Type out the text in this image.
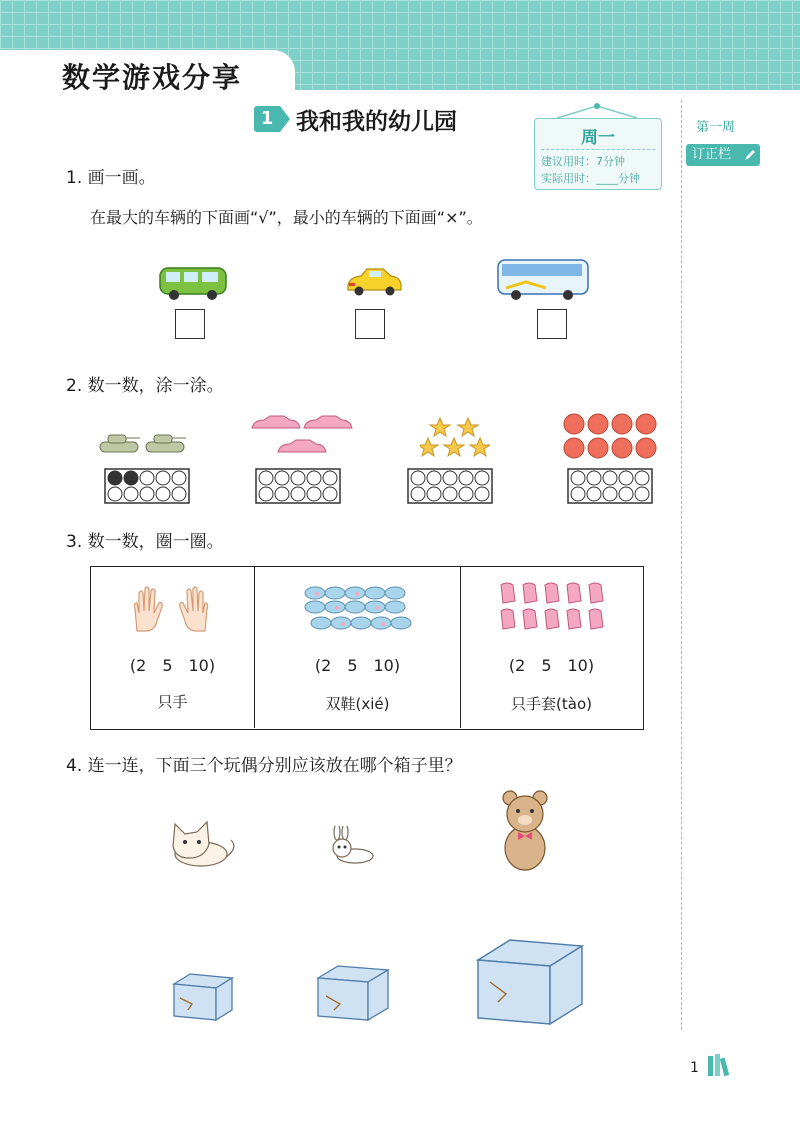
数学游戏分享
1 我和我的幼儿园
周一
建议用时：7分钟
实际用时：____分钟
第一周
订正栏
1. 画一画。
在最大的车辆的下面画“√”，最小的车辆的下面画“×”。
2. 数一数，涂一涂。
3. 数一数，圈一圈。
(2　5　10)
只手
(2　5　10)
双鞋(xié)
(2　5　10)
只手套(tào)
4. 连一连，下面三个玩偶分别应该放在哪个箱子里？
1
